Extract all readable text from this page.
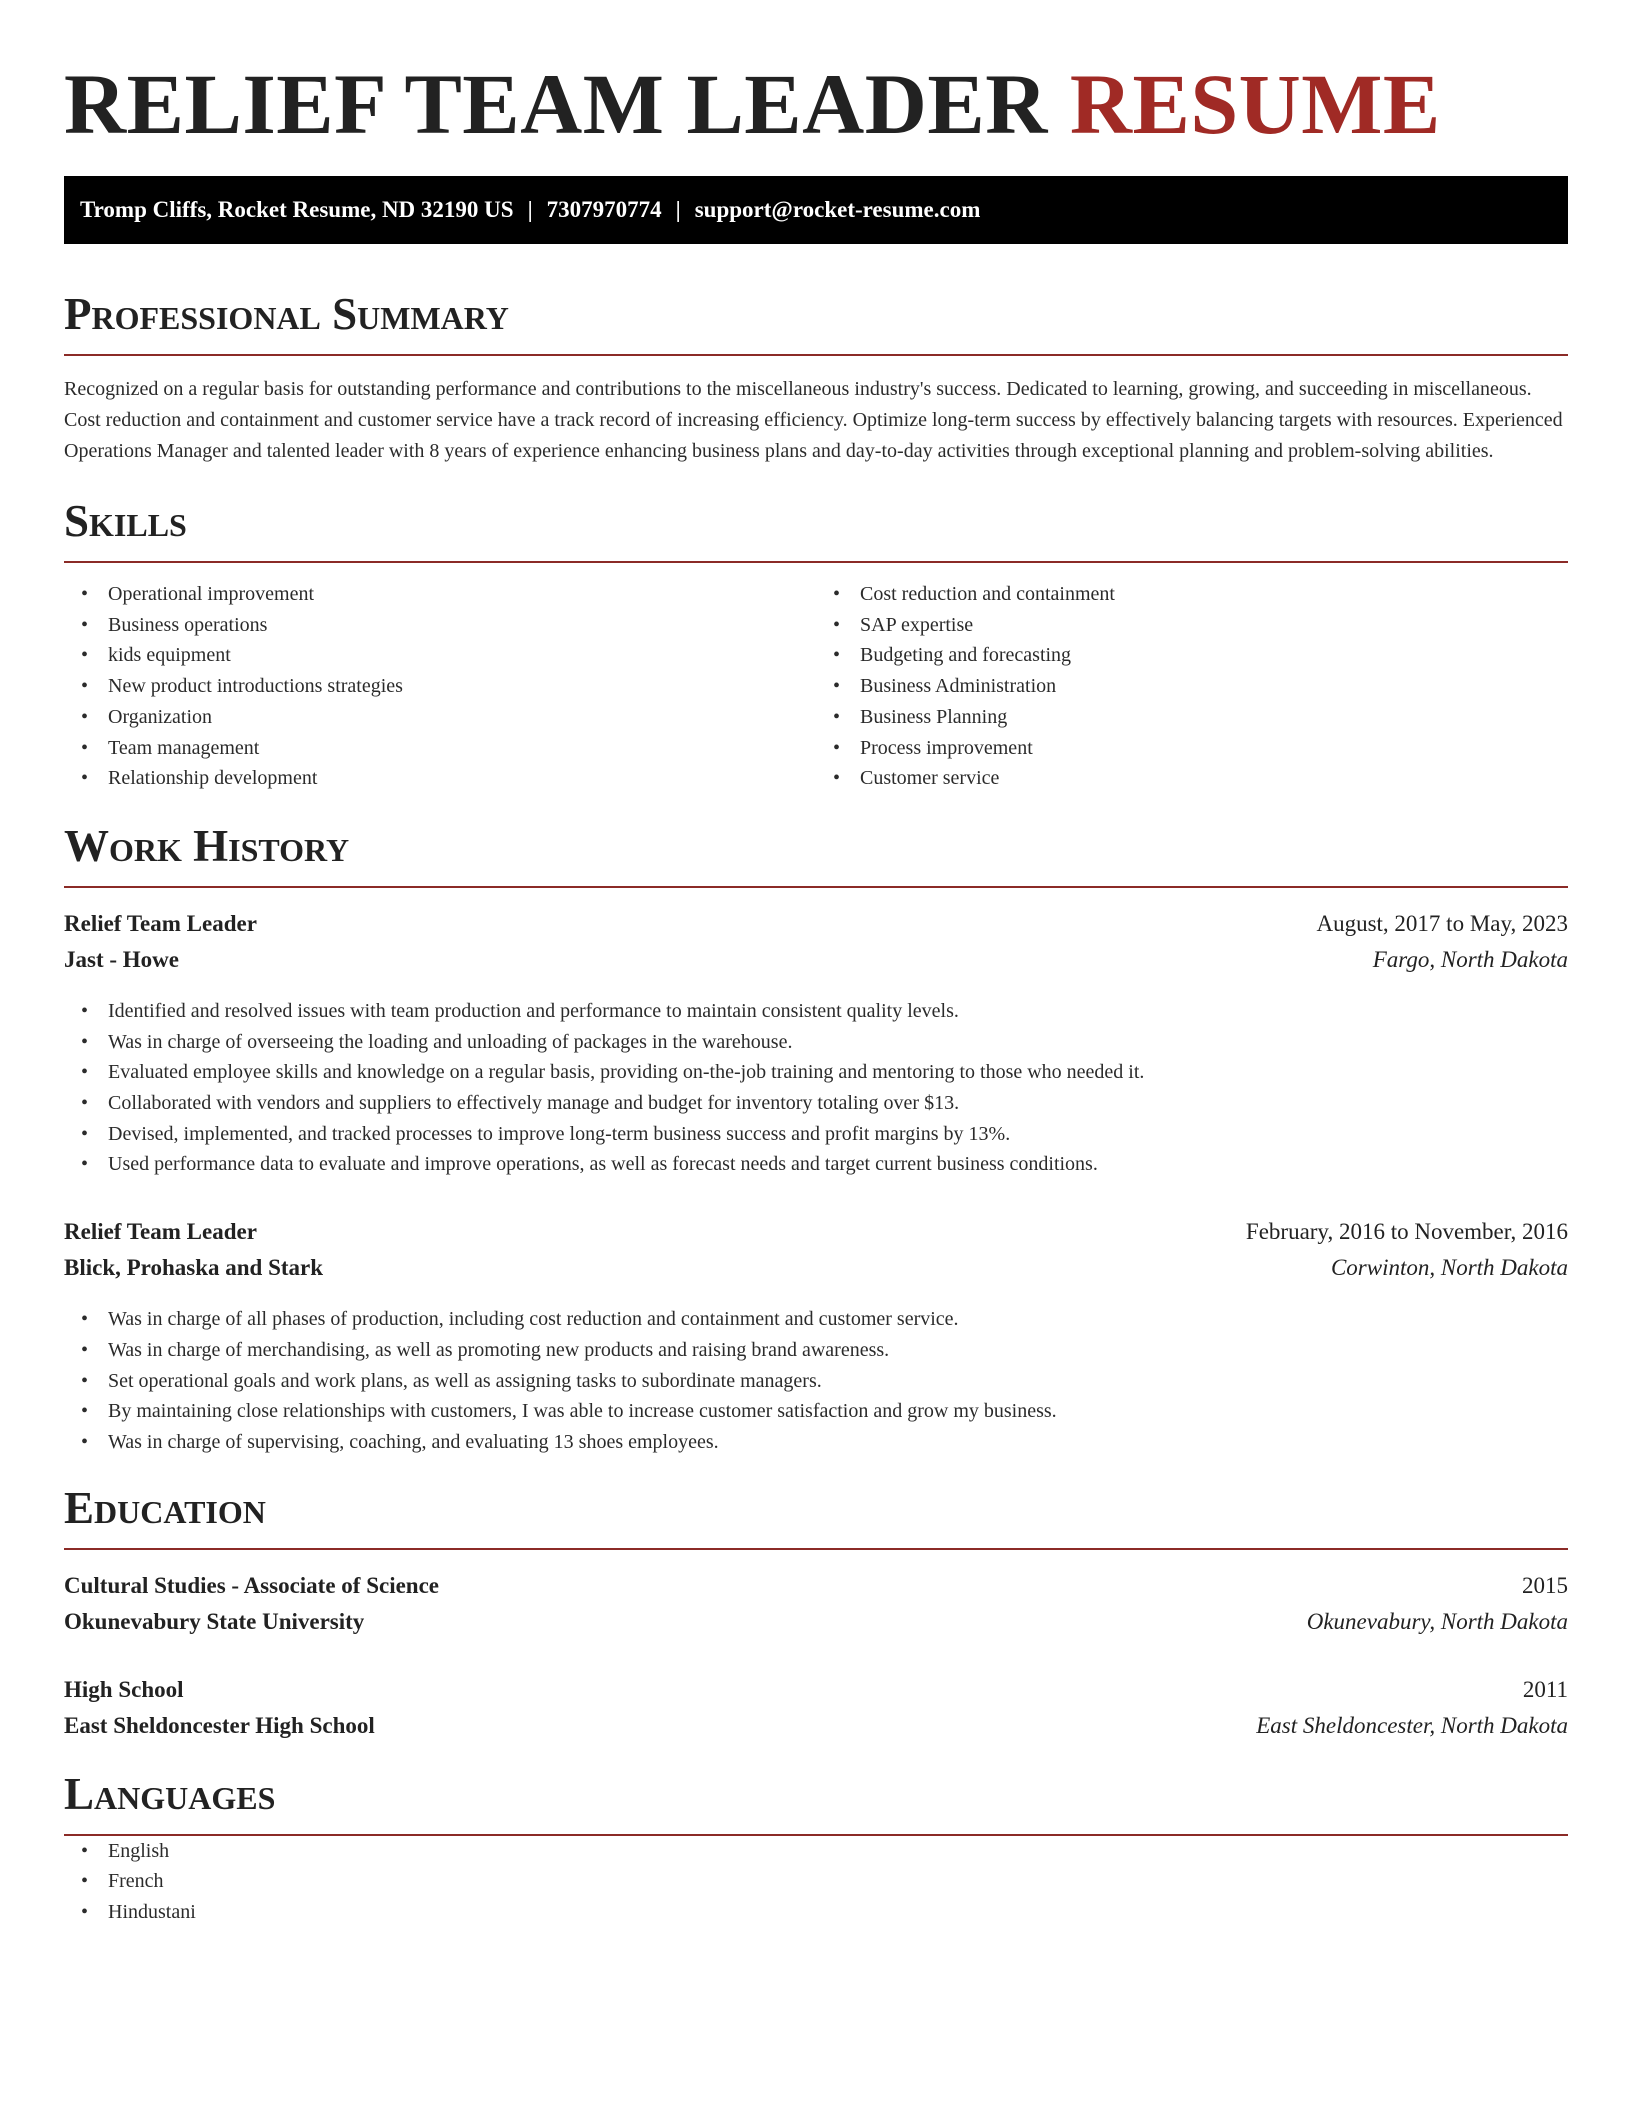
RELIEF TEAM LEADER RESUME
Tromp Cliffs, Rocket Resume, ND 32190 US | 7307970774 | support@rocket-resume.com
Professional Summary

Recognized on a regular basis for outstanding performance and contributions to the miscellaneous industry's success. Dedicated to learning, growing, and succeeding in miscellaneous. Cost reduction and containment and customer service have a track record of increasing efficiency. Optimize long-term success by effectively balancing targets with resources. Experienced Operations Manager and talented leader with 8 years of experience enhancing business plans and day-to-day activities through exceptional planning and problem-solving abilities.

Skills
• Operational improvement
• Business operations
• kids equipment
• New product introductions strategies
• Organization
• Team management
• Relationship development
• Cost reduction and containment
• SAP expertise
• Budgeting and forecasting
• Business Administration
• Business Planning
• Process improvement
• Customer service
Work History
Relief Team Leader	August, 2017 to May, 2023
Jast - Howe	Fargo, North Dakota
• Identified and resolved issues with team production and performance to maintain consistent quality levels.
• Was in charge of overseeing the loading and unloading of packages in the warehouse.
• Evaluated employee skills and knowledge on a regular basis, providing on-the-job training and mentoring to those who needed it.
• Collaborated with vendors and suppliers to effectively manage and budget for inventory totaling over $13.
• Devised, implemented, and tracked processes to improve long-term business success and profit margins by 13%.
• Used performance data to evaluate and improve operations, as well as forecast needs and target current business conditions.
Relief Team Leader	February, 2016 to November, 2016
Blick, Prohaska and Stark	Corwinton, North Dakota
• Was in charge of all phases of production, including cost reduction and containment and customer service.
• Was in charge of merchandising, as well as promoting new products and raising brand awareness.
• Set operational goals and work plans, as well as assigning tasks to subordinate managers.
• By maintaining close relationships with customers, I was able to increase customer satisfaction and grow my business.
• Was in charge of supervising, coaching, and evaluating 13 shoes employees.
Education
Cultural Studies - Associate of Science	2015
Okunevabury State University	Okunevabury, North Dakota
High School	2011
East Sheldoncester High School	East Sheldoncester, North Dakota
Languages
• English
• French
• Hindustani
